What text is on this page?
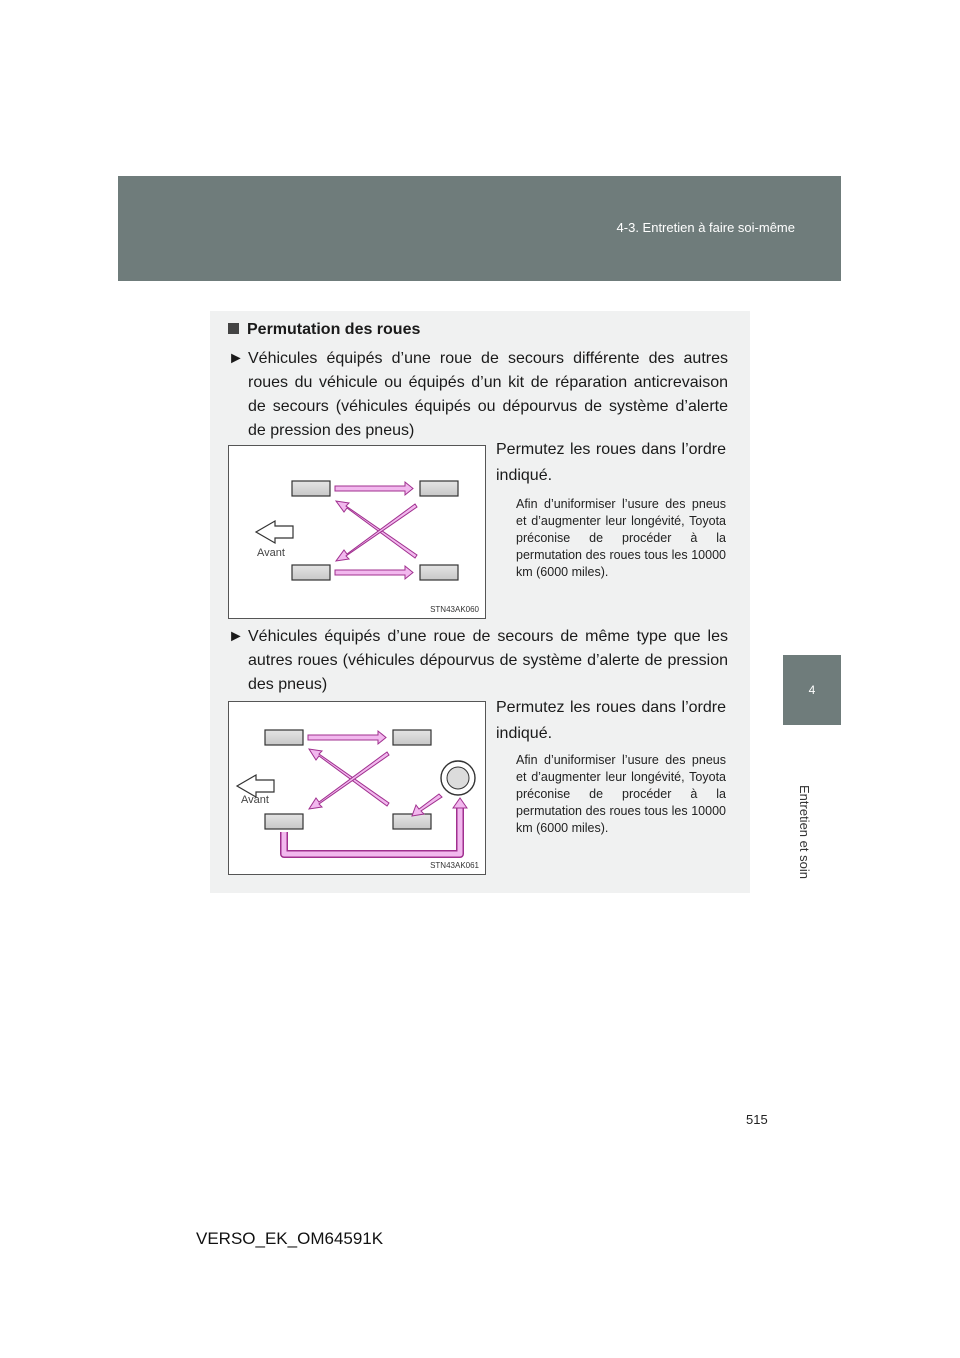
4-3. Entretien à faire soi-même
4
Entretien et soin
Permutation des roues
► Véhicules équipés d’une roue de secours différente des autres roues du véhicule ou équipés d’un kit de réparation anticrevaison de secours (véhicules équipés ou dépourvus de système d’alerte de pression des pneus)
Avant
STN43AK060
Permutez les roues dans l’ordre indiqué.
Afin d’uniformiser l’usure des pneus et d’augmenter leur longévité, Toyota préconise de procéder à la permutation des roues tous les 10000 km (6000 miles).
► Véhicules équipés d’une roue de secours de même type que les autres roues (véhicules dépourvus de système d’alerte de pression des pneus)
Avant
STN43AK061
Permutez les roues dans l’ordre indiqué.
Afin d’uniformiser l’usure des pneus et d’augmenter leur longévité, Toyota préconise de procéder à la permutation des roues tous les 10000 km (6000 miles).
515
VERSO_EK_OM64591K
